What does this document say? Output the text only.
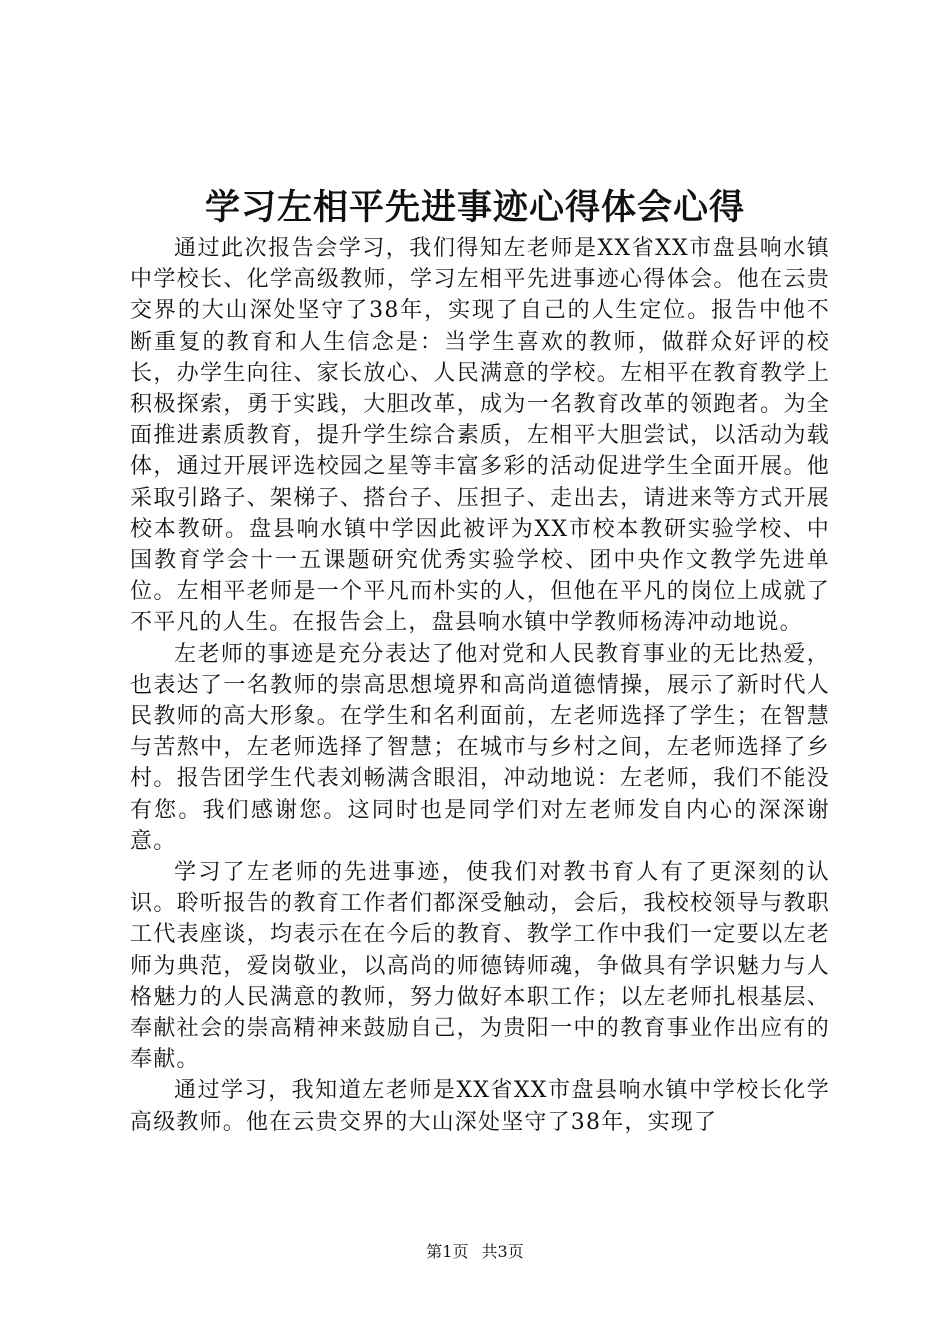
学习左相平先进事迹心得体会心得

通过此次报告会学习，我们得知左老师是XX省XX市盘县响水镇中学校长、化学高级教师，学习左相平先进事迹心得体会。他在云贵交界的大山深处坚守了38年，实现了自己的人生定位。报告中他不断重复的教育和人生信念是：当学生喜欢的教师，做群众好评的校长，办学生向往、家长放心、人民满意的学校。左相平在教育教学上积极探索，勇于实践，大胆改革，成为一名教育改革的领跑者。为全面推进素质教育，提升学生综合素质，左相平大胆尝试，以活动为载体，通过开展评选校园之星等丰富多彩的活动促进学生全面开展。他采取引路子、架梯子、搭台子、压担子、走出去，请进来等方式开展校本教研。盘县响水镇中学因此被评为XX市校本教研实验学校、中国教育学会十一五课题研究优秀实验学校、团中央作文教学先进单位。左相平老师是一个平凡而朴实的人，但他在平凡的岗位上成就了不平凡的人生。在报告会上，盘县响水镇中学教师杨涛冲动地说。

左老师的事迹是充分表达了他对党和人民教育事业的无比热爱，也表达了一名教师的崇高思想境界和高尚道德情操，展示了新时代人民教师的高大形象。在学生和名利面前，左老师选择了学生；在智慧与苦熬中，左老师选择了智慧；在城市与乡村之间，左老师选择了乡村。报告团学生代表刘畅满含眼泪，冲动地说：左老师，我们不能没有您。我们感谢您。这同时也是同学们对左老师发自内心的深深谢意。

学习了左老师的先进事迹，使我们对教书育人有了更深刻的认识。聆听报告的教育工作者们都深受触动，会后，我校校领导与教职工代表座谈，均表示在在今后的教育、教学工作中我们一定要以左老师为典范，爱岗敬业，以高尚的师德铸师魂，争做具有学识魅力与人格魅力的人民满意的教师，努力做好本职工作；以左老师扎根基层、奉献社会的崇高精神来鼓励自己，为贵阳一中的教育事业作出应有的奉献。

通过学习，我知道左老师是XX省XX市盘县响水镇中学校长化学高级教师。他在云贵交界的大山深处坚守了38年，实现了

第1页 共3页
